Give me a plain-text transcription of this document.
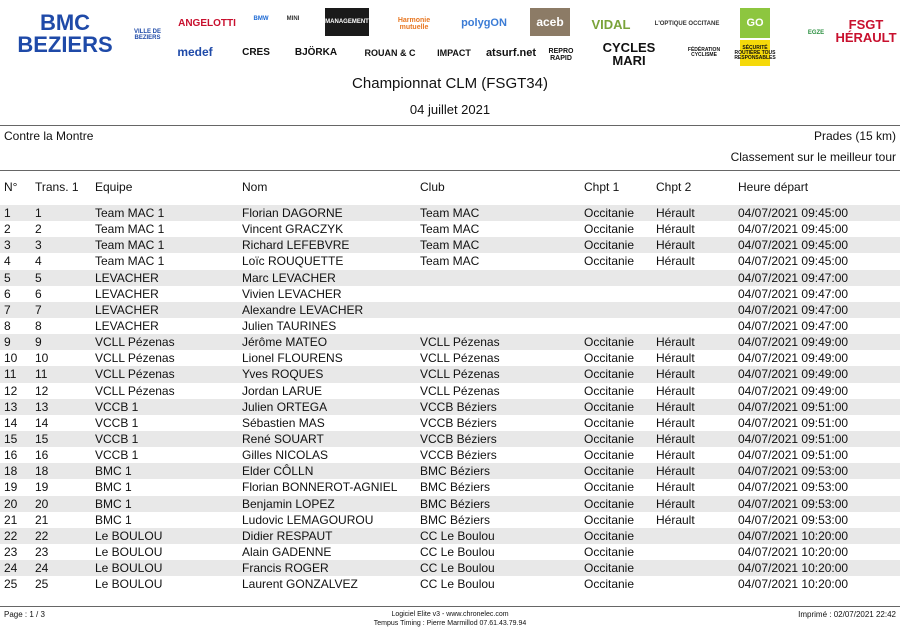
BMC BEZIERS	VILLE DE BEZIERS
ANGELOTTI	BMW	MINI	MANAGEMENT	Harmonie mutuelle	polygON	aceb	VIDAL	L'OPTIQUE OCCITANE	GO
EGZE
FSGT HÉRAULT
medef	CRES	BJÖRKA	ROUAN & C	IMPACT	atsurf.net	REPRO RAPID
CYCLES MARI
FÉDÉRATION CYCLISME
SÉCURITÉ ROUTIÈRE TOUS RESPONSABLES
Championnat CLM (FSGT34)
04 juillet 2021
Contre la Montre	Prades (15 km)
Classement sur le meilleur tour
N° Trans. 1 Equipe	Nom	Club	Chpt 1	Chpt 2	Heure départ
1	1	Team MAC 1	Florian DAGORNE	Team MAC	Occitanie	Hérault	04/07/2021 09:45:00
2	2	Team MAC 1	Vincent GRACZYK	Team MAC	Occitanie	Hérault	04/07/2021 09:45:00
3	3	Team MAC 1	Richard LEFEBVRE	Team MAC	Occitanie	Hérault	04/07/2021 09:45:00
4	4	Team MAC 1	Loïc ROUQUETTE	Team MAC	Occitanie	Hérault	04/07/2021 09:45:00
5	5	LEVACHER	Marc LEVACHER				04/07/2021 09:47:00
6	6	LEVACHER	Vivien LEVACHER				04/07/2021 09:47:00
7	7	LEVACHER	Alexandre LEVACHER				04/07/2021 09:47:00
8	8	LEVACHER	Julien TAURINES				04/07/2021 09:47:00
9	9	VCLL Pézenas	Jérôme MATEO	VCLL Pézenas	Occitanie	Hérault	04/07/2021 09:49:00
10	10	VCLL Pézenas	Lionel FLOURENS	VCLL Pézenas	Occitanie	Hérault	04/07/2021 09:49:00
11	11	VCLL Pézenas	Yves ROQUES	VCLL Pézenas	Occitanie	Hérault	04/07/2021 09:49:00
12	12	VCLL Pézenas	Jordan LARUE	VCLL Pézenas	Occitanie	Hérault	04/07/2021 09:49:00
13	13	VCCB 1	Julien ORTEGA	VCCB Béziers	Occitanie	Hérault	04/07/2021 09:51:00
14	14	VCCB 1	Sébastien MAS	VCCB Béziers	Occitanie	Hérault	04/07/2021 09:51:00
15	15	VCCB 1	René SOUART	VCCB Béziers	Occitanie	Hérault	04/07/2021 09:51:00
16	16	VCCB 1	Gilles NICOLAS	VCCB Béziers	Occitanie	Hérault	04/07/2021 09:51:00
18	18	BMC 1	Elder CÔLLN	BMC Béziers	Occitanie	Hérault	04/07/2021 09:53:00
19	19	BMC 1	Florian BONNEROT-AGNIEL	BMC Béziers	Occitanie	Hérault	04/07/2021 09:53:00
20	20	BMC 1	Benjamin LOPEZ	BMC Béziers	Occitanie	Hérault	04/07/2021 09:53:00
21	21	BMC 1	Ludovic LEMAGOUROU	BMC Béziers	Occitanie	Hérault	04/07/2021 09:53:00
22	22	Le BOULOU	Didier RESPAUT	CC Le Boulou	Occitanie		04/07/2021 10:20:00
23	23	Le BOULOU	Alain GADENNE	CC Le Boulou	Occitanie		04/07/2021 10:20:00
24	24	Le BOULOU	Francis ROGER	CC Le Boulou	Occitanie		04/07/2021 10:20:00
25	25	Le BOULOU	Laurent GONZALVEZ	CC Le Boulou	Occitanie		04/07/2021 10:20:00
Page : 1 / 3	Logiciel Elite v3 - www.chronelec.com
Tempus Timing : Pierre Marmillod 07.61.43.79.94
Imprimé : 02/07/2021 22:42
